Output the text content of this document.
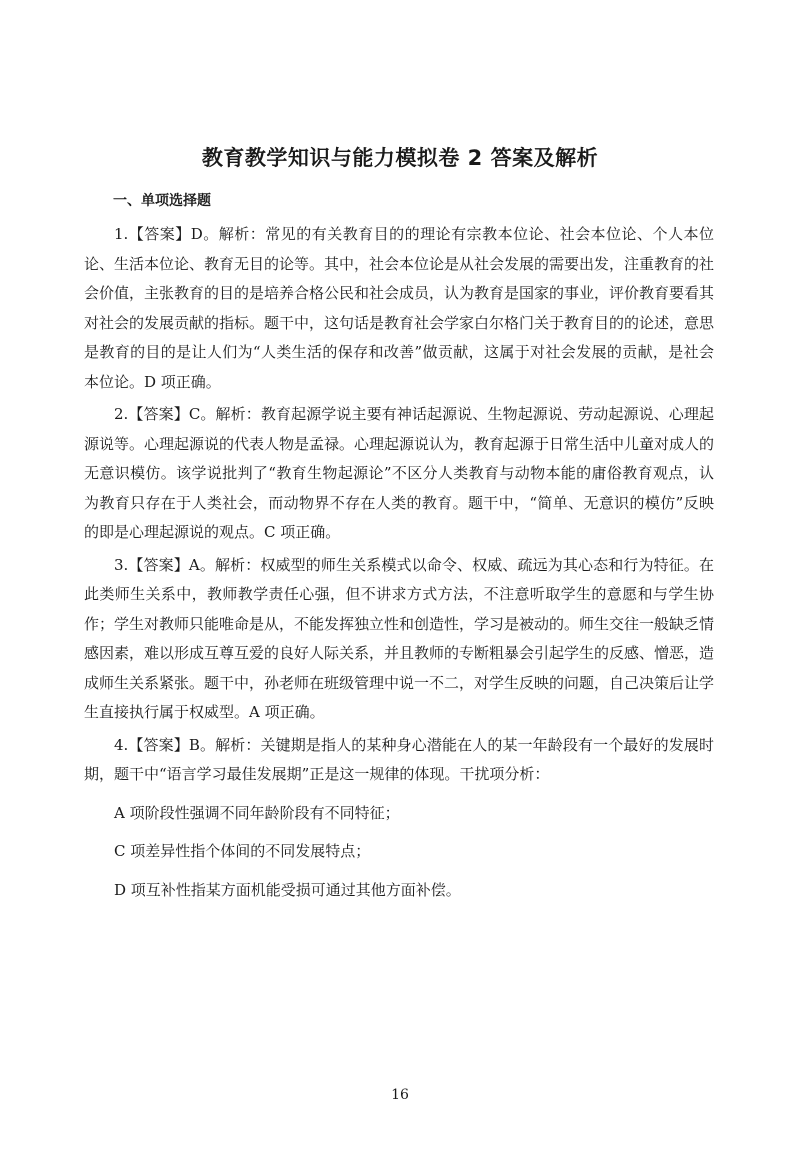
教育教学知识与能力模拟卷 2 答案及解析
一、单项选择题

1.【答案】D。解析：常见的有关教育目的的理论有宗教本位论、社会本位论、个人本位论、生活本位论、教育无目的论等。其中，社会本位论是从社会发展的需要出发，注重教育的社会价值，主张教育的目的是培养合格公民和社会成员，认为教育是国家的事业，评价教育要看其对社会的发展贡献的指标。题干中，这句话是教育社会学家白尔格门关于教育目的的论述，意思是教育的目的是让人们为“人类生活的保存和改善”做贡献，这属于对社会发展的贡献，是社会本位论。D 项正确。

2.【答案】C。解析：教育起源学说主要有神话起源说、生物起源说、劳动起源说、心理起源说等。心理起源说的代表人物是孟禄。心理起源说认为，教育起源于日常生活中儿童对成人的无意识模仿。该学说批判了“教育生物起源论”不区分人类教育与动物本能的庸俗教育观点，认为教育只存在于人类社会，而动物界不存在人类的教育。题干中，“简单、无意识的模仿”反映的即是心理起源说的观点。C 项正确。

3.【答案】A。解析：权威型的师生关系模式以命令、权威、疏远为其心态和行为特征。在此类师生关系中，教师教学责任心强，但不讲求方式方法，不注意听取学生的意愿和与学生协作；学生对教师只能唯命是从，不能发挥独立性和创造性，学习是被动的。师生交往一般缺乏情感因素，难以形成互尊互爱的良好人际关系，并且教师的专断粗暴会引起学生的反感、憎恶，造成师生关系紧张。题干中，孙老师在班级管理中说一不二，对学生反映的问题，自己决策后让学生直接执行属于权威型。A 项正确。

4.【答案】B。解析：关键期是指人的某种身心潜能在人的某一年龄段有一个最好的发展时期，题干中“语言学习最佳发展期”正是这一规律的体现。干扰项分析：

A 项阶段性强调不同年龄阶段有不同特征；

C 项差异性指个体间的不同发展特点；

D 项互补性指某方面机能受损可通过其他方面补偿。

16
